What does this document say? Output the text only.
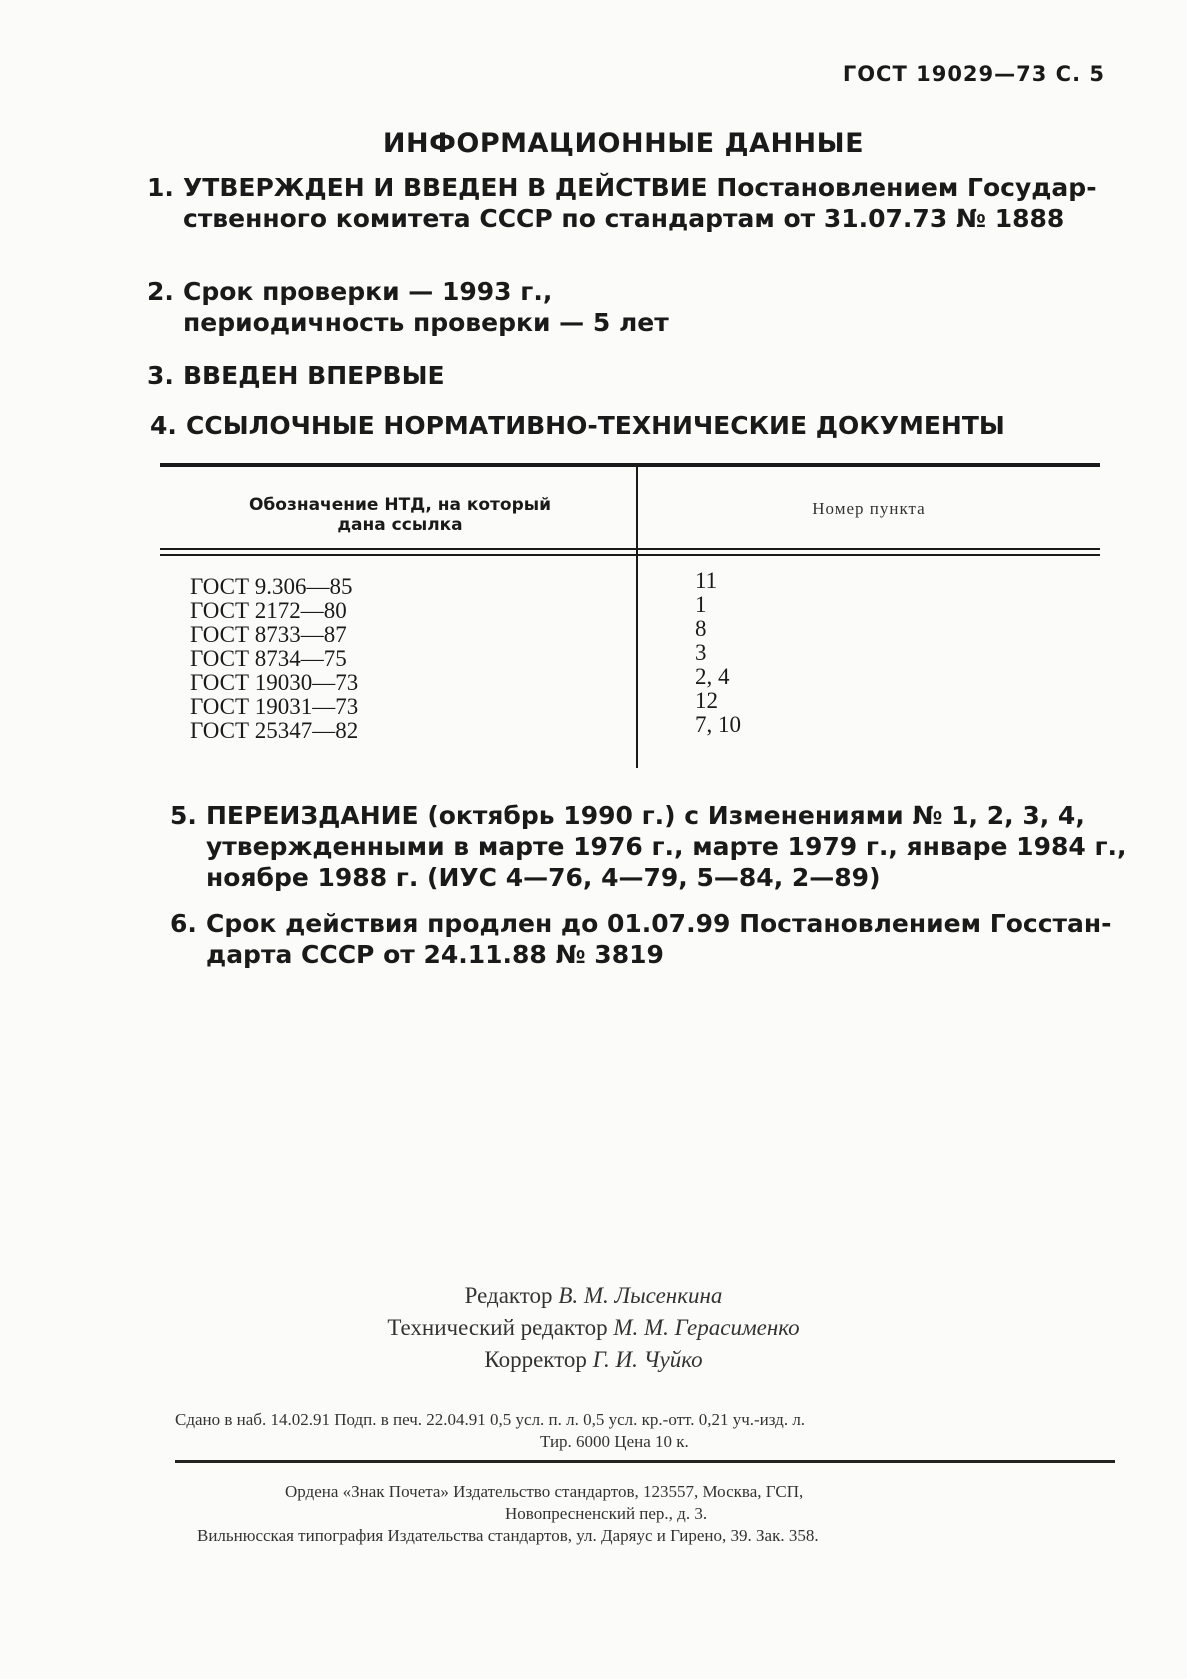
ГОСТ 19029—73 С. 5
ИНФОРМАЦИОННЫЕ ДАННЫЕ
1. УТВЕРЖДЕН И ВВЕДЕН В ДЕЙСТВИЕ Постановлением Государ-
ственного комитета СССР по стандартам от 31.07.73 № 1888
2. Срок проверки — 1993 г.,
периодичность проверки — 5 лет
3. ВВЕДЕН ВПЕРВЫЕ
4. ССЫЛОЧНЫЕ НОРМАТИВНО-ТЕХНИЧЕСКИЕ ДОКУМЕНТЫ
Обозначение НТД, на который
дана ссылка
Номер пункта
ГОСТ 9.306—85
ГОСТ 2172—80
ГОСТ 8733—87
ГОСТ 8734—75
ГОСТ 19030—73
ГОСТ 19031—73
ГОСТ 25347—82
11
1
8
3
2, 4
12
7, 10
5. ПЕРЕИЗДАНИЕ (октябрь 1990 г.) с Изменениями № 1, 2, 3, 4,
утвержденными в марте 1976 г., марте 1979 г., январе 1984 г.,
ноябре 1988 г. (ИУС 4—76, 4—79, 5—84, 2—89)
6. Срок действия продлен до 01.07.99 Постановлением Госстан-
дарта СССР от 24.11.88 № 3819
Редактор В. М. Лысенкина
Технический редактор М. М. Герасименко
Корректор Г. И. Чуйко
Сдано в наб. 14.02.91 Подп. в печ. 22.04.91 0,5 усл. п. л. 0,5 усл. кр.-отт. 0,21 уч.-изд. л.
Тир. 6000 Цена 10 к.
Ордена «Знак Почета» Издательство стандартов, 123557, Москва, ГСП,
Новопресненский пер., д. 3.
Вильнюсская типография Издательства стандартов, ул. Даряус и Гирено, 39. Зак. 358.
